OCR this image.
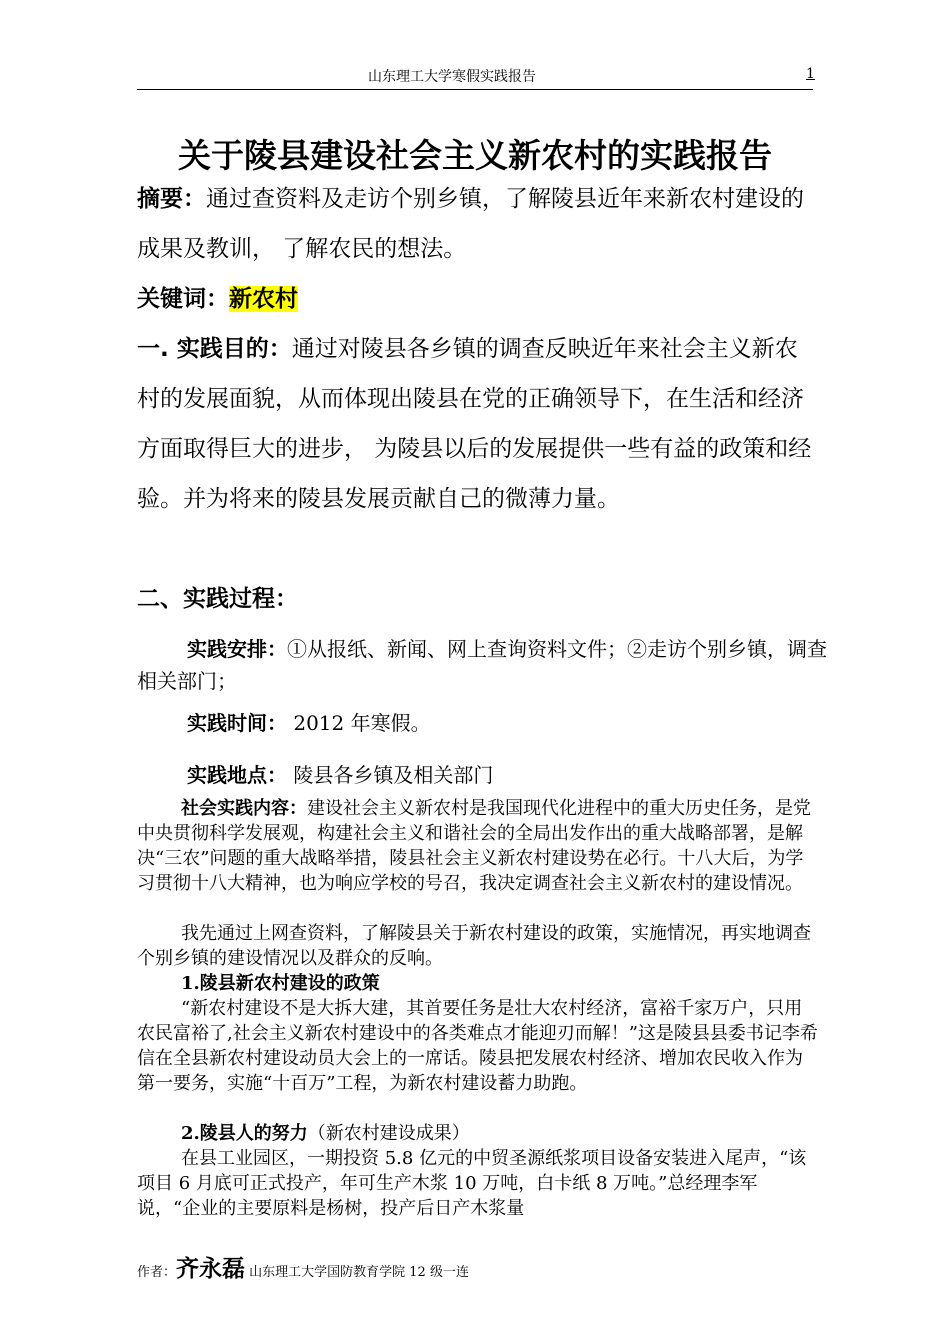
山东理工大学寒假实践报告	1
关于陵县建设社会主义新农村的实践报告

摘要：通过查资料及走访个别乡镇，了解陵县近年来新农村建设的成果及教训， 了解农民的想法。

关键词：新农村

一. 实践目的：通过对陵县各乡镇的调查反映近年来社会主义新农村的发展面貌，从而体现出陵县在党的正确领导下，在生活和经济方面取得巨大的进步， 为陵县以后的发展提供一些有益的政策和经验。并为将来的陵县发展贡献自己的微薄力量。

二、实践过程：

实践安排：①从报纸、新闻、网上查询资料文件；②走访个别乡镇，调查相关部门；

实践时间： 2012 年寒假。

实践地点： 陵县各乡镇及相关部门

社会实践内容：建设社会主义新农村是我国现代化进程中的重大历史任务，是党中央贯彻科学发展观，构建社会主义和谐社会的全局出发作出的重大战略部署，是解决“三农”问题的重大战略举措，陵县社会主义新农村建设势在必行。十八大后，为学习贯彻十八大精神，也为响应学校的号召，我决定调查社会主义新农村的建设情况。

我先通过上网查资料，了解陵县关于新农村建设的政策，实施情况，再实地调查个别乡镇的建设情况以及群众的反响。

1.陵县新农村建设的政策

“新农村建设不是大拆大建，其首要任务是壮大农村经济，富裕千家万户，只用农民富裕了,社会主义新农村建设中的各类难点才能迎刃而解！”这是陵县县委书记李希信在全县新农村建设动员大会上的一席话。陵县把发展农村经济、增加农民收入作为第一要务，实施“十百万”工程，为新农村建设蓄力助跑。

2.陵县人的努力（新农村建设成果）

在县工业园区，一期投资 5.8 亿元的中贸圣源纸浆项目设备安装进入尾声，“该项目 6 月底可正式投产，年可生产木浆 10 万吨，白卡纸 8 万吨。”总经理李军说，“企业的主要原料是杨树，投产后日产木浆量

作者：齐永磊 山东理工大学国防教育学院 12 级一连
